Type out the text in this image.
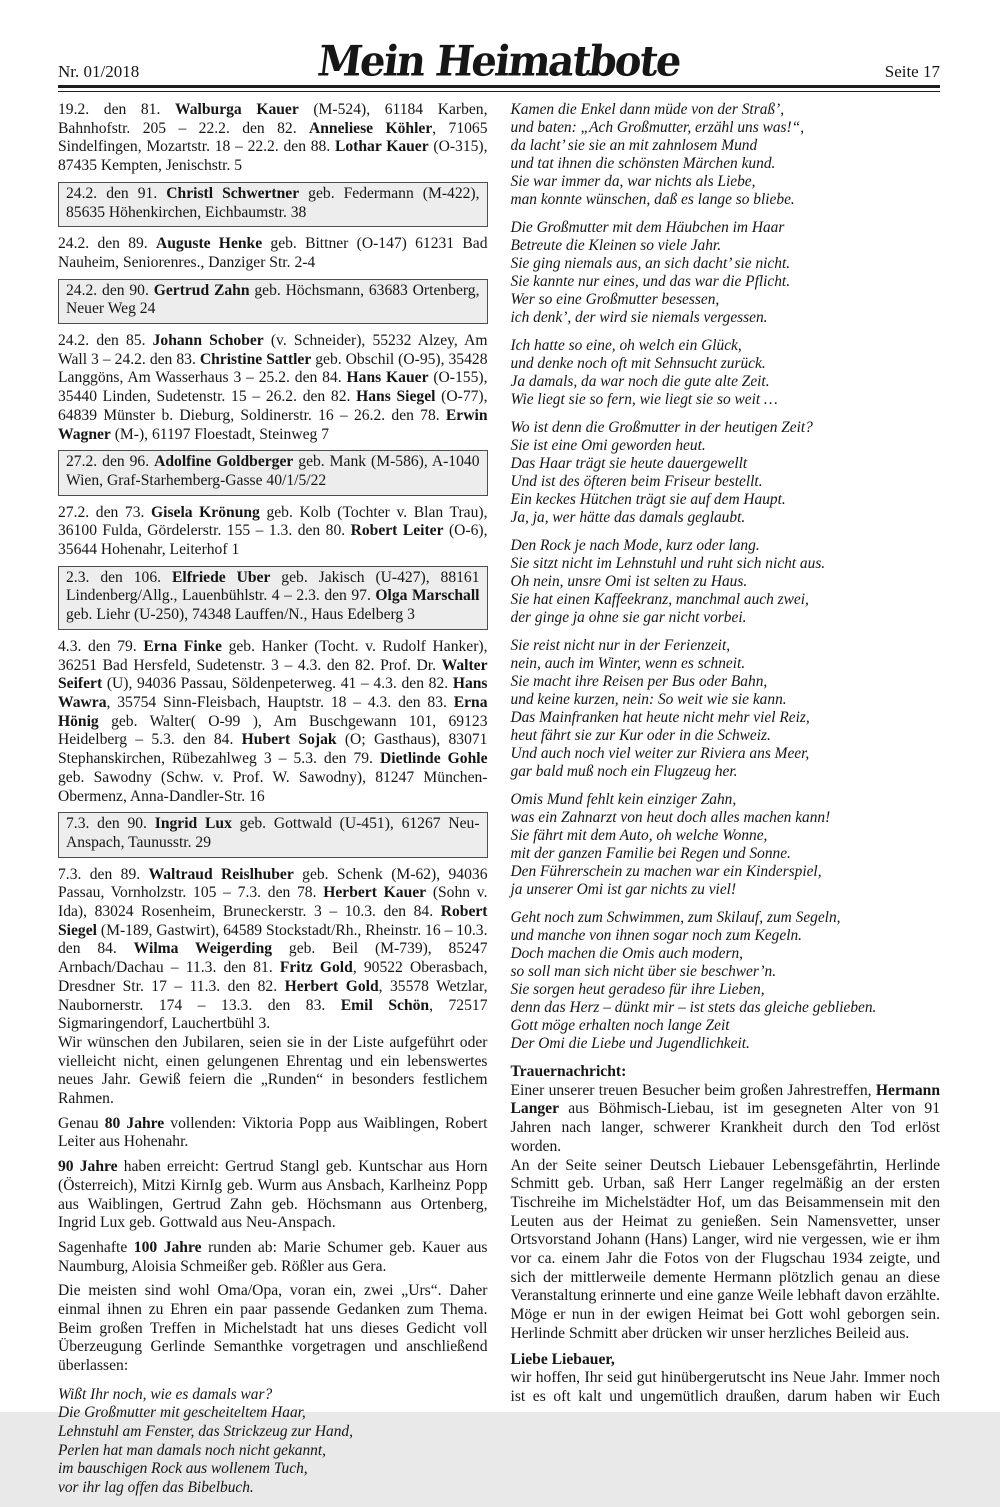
Nr. 01/2018	Mein Heimatbote	Seite 17

19.2. den 81. Walburga Kauer (M-524), 61184 Karben, Bahnhofstr. 205 – 22.2. den 82. Anneliese Köhler, 71065 Sindelfingen, Mozartstr. 18 – 22.2. den 88. Lothar Kauer (O-315), 87435 Kempten, Jenischstr. 5

24.2. den 91. Christl Schwertner geb. Federmann (M-422), 85635 Höhenkirchen, Eichbaumstr. 38

24.2. den 89. Auguste Henke geb. Bittner (O-147) 61231 Bad Nauheim, Seniorenres., Danziger Str. 2-4

24.2. den 90. Gertrud Zahn geb. Höchsmann, 63683 Ortenberg, Neuer Weg 24

24.2. den 85. Johann Schober (v. Schneider), 55232 Alzey, Am Wall 3 – 24.2. den 83. Christine Sattler geb. Obschil (O-95), 35428 Langgöns, Am Wasserhaus 3 – 25.2. den 84. Hans Kauer (O-155), 35440 Linden, Sudetenstr. 15 – 26.2. den 82. Hans Siegel (O-77), 64839 Münster b. Dieburg, Soldinerstr. 16 – 26.2. den 78. Erwin Wagner (M-), 61197 Floestadt, Steinweg 7

27.2. den 96. Adolfine Goldberger geb. Mank (M-586), A-1040 Wien, Graf-Starhemberg-Gasse 40/1/5/22

27.2. den 73. Gisela Krönung geb. Kolb (Tochter v. Blan Trau), 36100 Fulda, Gördelerstr. 155 – 1.3. den 80. Robert Leiter (O-6), 35644 Hohenahr, Leiterhof 1

2.3. den 106. Elfriede Uber geb. Jakisch (U-427), 88161 Lindenberg/Allg., Lauenbühlstr. 4 – 2.3. den 97. Olga Marschall geb. Liehr (U-250), 74348 Lauffen/N., Haus Edelberg 3

4.3. den 79. Erna Finke geb. Hanker (Tocht. v. Rudolf Hanker), 36251 Bad Hersfeld, Sudetenstr. 3 – 4.3. den 82. Prof. Dr. Walter Seifert (U), 94036 Passau, Söldenpeterweg. 41 – 4.3. den 82. Hans Wawra, 35754 Sinn-Fleisbach, Hauptstr. 18 – 4.3. den 83. Erna Hönig geb. Walter( O-99 ), Am Buschgewann 101, 69123 Heidelberg – 5.3. den 84. Hubert Sojak (O; Gasthaus), 83071 Stephanskirchen, Rübezahlweg 3 – 5.3. den 79. Dietlinde Gohle geb. Sawodny (Schw. v. Prof. W. Sawodny), 81247 München-Obermenz, Anna-Dandler-Str. 16

7.3. den 90. Ingrid Lux geb. Gottwald (U-451), 61267 Neu-Anspach, Taunusstr. 29

7.3. den 89. Waltraud Reislhuber geb. Schenk (M-62), 94036 Passau, Vornholzstr. 105 – 7.3. den 78. Herbert Kauer (Sohn v. Ida), 83024 Rosenheim, Bruneckerstr. 3 – 10.3. den 84. Robert Siegel (M-189, Gastwirt), 64589 Stockstadt/Rh., Rheinstr. 16 – 10.3. den 84. Wilma Weigerding geb. Beil (M-739), 85247 Arnbach/Dachau – 11.3. den 81. Fritz Gold, 90522 Oberasbach, Dresdner Str. 17 – 11.3. den 82. Herbert Gold, 35578 Wetzlar, Naubornerstr. 174 – 13.3. den 83. Emil Schön, 72517 Sigmaringendorf, Lauchertbühl 3.

Wir wünschen den Jubilaren, seien sie in der Liste aufgeführt oder vielleicht nicht, einen gelungenen Ehrentag und ein lebenswertes neues Jahr. Gewiß feiern die „Runden“ in besonders festlichem Rahmen.

Genau 80 Jahre vollenden: Viktoria Popp aus Waiblingen, Robert Leiter aus Hohenahr.

90 Jahre haben erreicht: Gertrud Stangl geb. Kuntschar aus Horn (Österreich), Mitzi KirnIg geb. Wurm aus Ansbach, Karlheinz Popp aus Waiblingen, Gertrud Zahn geb. Höchsmann aus Ortenberg, Ingrid Lux geb. Gottwald aus Neu-Anspach.

Sagenhafte 100 Jahre runden ab: Marie Schumer geb. Kauer aus Naumburg, Aloisia Schmeißer geb. Rößler aus Gera.

Die meisten sind wohl Oma/Opa, voran ein, zwei „Urs“. Daher einmal ihnen zu Ehren ein paar passende Gedanken zum Thema. Beim großen Treffen in Michelstadt hat uns dieses Gedicht voll Überzeugung Gerlinde Semanthke vorgetragen und anschließend überlassen:

Wißt Ihr noch, wie es damals war?
Die Großmutter mit gescheiteltem Haar,
Lehnstuhl am Fenster, das Strickzeug zur Hand,
Perlen hat man damals noch nicht gekannt,
im bauschigen Rock aus wollenem Tuch,
vor ihr lag offen das Bibelbuch.

Kamen die Enkel dann müde von der Straß’,
und baten: „Ach Großmutter, erzähl uns was!“,
da lacht’ sie sie an mit zahnlosem Mund
und tat ihnen die schönsten Märchen kund.
Sie war immer da, war nichts als Liebe,
man konnte wünschen, daß es lange so bliebe.

Die Großmutter mit dem Häubchen im Haar
Betreute die Kleinen so viele Jahr.
Sie ging niemals aus, an sich dacht’ sie nicht.
Sie kannte nur eines, und das war die Pflicht.
Wer so eine Großmutter besessen,
ich denk’, der wird sie niemals vergessen.

Ich hatte so eine, oh welch ein Glück,
und denke noch oft mit Sehnsucht zurück.
Ja damals, da war noch die gute alte Zeit.
Wie liegt sie so fern, wie liegt sie so weit …

Wo ist denn die Großmutter in der heutigen Zeit?
Sie ist eine Omi geworden heut.
Das Haar trägt sie heute dauergewellt
Und ist des öfteren beim Friseur bestellt.
Ein keckes Hütchen trägt sie auf dem Haupt.
Ja, ja, wer hätte das damals geglaubt.

Den Rock je nach Mode, kurz oder lang.
Sie sitzt nicht im Lehnstuhl und ruht sich nicht aus.
Oh nein, unsre Omi ist selten zu Haus.
Sie hat einen Kaffeekranz, manchmal auch zwei,
der ginge ja ohne sie gar nicht vorbei.

Sie reist nicht nur in der Ferienzeit,
nein, auch im Winter, wenn es schneit.
Sie macht ihre Reisen per Bus oder Bahn,
und keine kurzen, nein: So weit wie sie kann.
Das Mainfranken hat heute nicht mehr viel Reiz,
heut fährt sie zur Kur oder in die Schweiz.
Und auch noch viel weiter zur Riviera ans Meer,
gar bald muß noch ein Flugzeug her.

Omis Mund fehlt kein einziger Zahn,
was ein Zahnarzt von heut doch alles machen kann!
Sie fährt mit dem Auto, oh welche Wonne,
mit der ganzen Familie bei Regen und Sonne.
Den Führerschein zu machen war ein Kinderspiel,
ja unserer Omi ist gar nichts zu viel!

Geht noch zum Schwimmen, zum Skilauf, zum Segeln,
und manche von ihnen sogar noch zum Kegeln.
Doch machen die Omis auch modern,
so soll man sich nicht über sie beschwer’n.
Sie sorgen heut geradeso für ihre Lieben,
denn das Herz – dünkt mir – ist stets das gleiche geblieben.
Gott möge erhalten noch lange Zeit
Der Omi die Liebe und Jugendlichkeit.

Trauernachricht:

Einer unserer treuen Besucher beim großen Jahrestreffen, Hermann Langer aus Böhmisch-Liebau, ist im gesegneten Alter von 91 Jahren nach langer, schwerer Krankheit durch den Tod erlöst worden.

An der Seite seiner Deutsch Liebauer Lebensgefährtin, Herlinde Schmitt geb. Urban, saß Herr Langer regelmäßig an der ersten Tischreihe im Michelstädter Hof, um das Beisammensein mit den Leuten aus der Heimat zu genießen. Sein Namensvetter, unser Ortsvorstand Johann (Hans) Langer, wird nie vergessen, wie er ihm vor ca. einem Jahr die Fotos von der Flugschau 1934 zeigte, und sich der mittlerweile demente Hermann plötzlich genau an diese Veranstaltung erinnerte und eine ganze Weile lebhaft davon erzählte. Möge er nun in der ewigen Heimat bei Gott wohl geborgen sein. Herlinde Schmitt aber drücken wir unser herzliches Beileid aus.

Liebe Liebauer,

wir hoffen, Ihr seid gut hinübergerutscht ins Neue Jahr. Immer noch ist es oft kalt und ungemütlich draußen, darum haben wir Euch
